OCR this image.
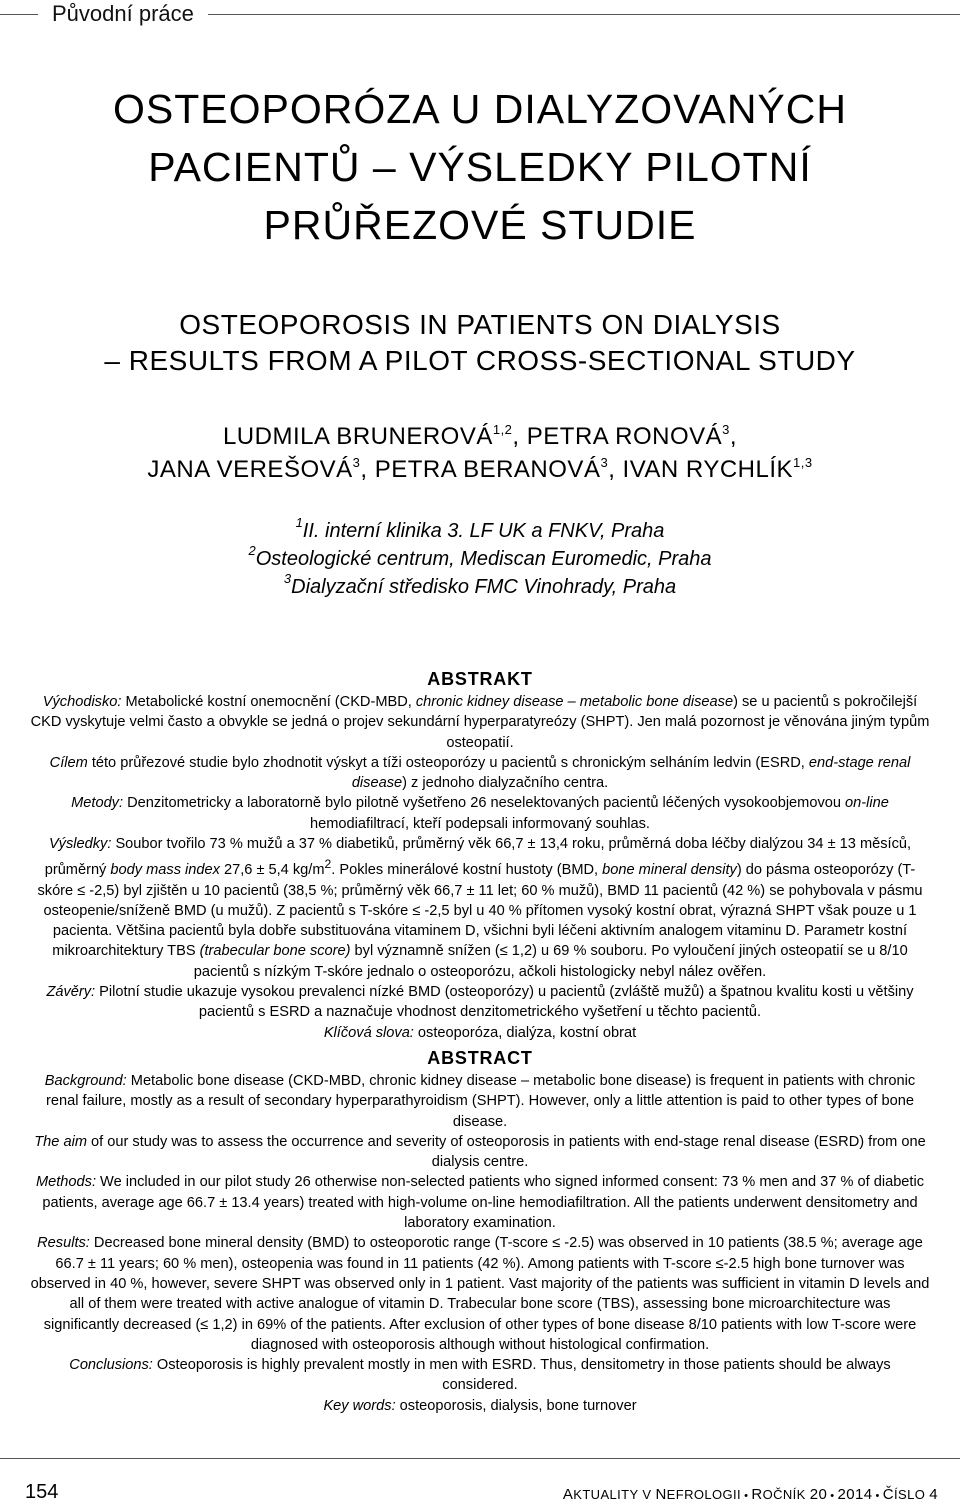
Původní práce
OSTEOPORÓZA U DIALYZOVANÝCH
PACIENTŮ – VÝSLEDKY PILOTNÍ
PRŮŘEZOVÉ STUDIE
OSTEOPOROSIS IN PATIENTS ON DIALYSIS
– RESULTS FROM A PILOT CROSS-SECTIONAL STUDY
LUDMILA BRUNEROVÁ$^{1,2}$, PETRA RONOVÁ$^3$,
JANA VEREŠOVÁ$^3$, PETRA BERANOVÁ$^3$, IVAN RYCHLÍK$^{1,3}$
$^1$II. interní klinika 3. LF UK a FNKV, Praha
$^2$Osteologické centrum, Mediscan Euromedic, Praha
$^3$Dialyzační středisko FMC Vinohrady, Praha
ABSTRAKT

Východisko: Metabolické kostní onemocnění (CKD-MBD, chronic kidney disease – metabolic bone disease) se u pacientů s pokročilejší CKD vyskytuje velmi často a obvykle se jedná o projev sekundární hyperparatyreózy (SHPT). Jen malá pozornost je věnována jiným typům osteopatií.

Cílem této průřezové studie bylo zhodnotit výskyt a tíži osteoporózy u pacientů s chronickým selháním ledvin (ESRD, end-stage renal disease) z jednoho dialyzačního centra.

Metody: Denzitometricky a laboratorně bylo pilotně vyšetřeno 26 neselektovaných pacientů léčených vysokoobjemovou on-line hemodiafiltrací, kteří podepsali informovaný souhlas.

Výsledky: Soubor tvořilo 73 % mužů a 37 % diabetiků, průměrný věk 66,7 ± 13,4 roku, průměrná doba léčby dialýzou 34 ± 13 měsíců, průměrný body mass index 27,6 ± 5,4 $kg/m^2$. Pokles minerálové kostní hustoty (BMD, bone mineral density) do pásma osteoporózy (T-skóre ≤ -2,5) byl zjištěn u 10 pacientů (38,5 %; průměrný věk 66,7 ± 11 let; 60 % mužů), BMD 11 pacientů (42 %) se pohybovala v pásmu osteopenie/sníženě BMD (u mužů). Z pacientů s T-skóre ≤ -2,5 byl u 40 % přítomen vysoký kostní obrat, výrazná SHPT však pouze u 1 pacienta. Většina pacientů byla dobře substituována vitaminem D, všichni byli léčeni aktivním analogem vitaminu D. Parametr kostní mikroarchitektury TBS (trabecular bone score) byl významně snížen (≤ 1,2) u 69 % souboru. Po vyloučení jiných osteopatií se u 8/10 pacientů s nízkým T-skóre jednalo o osteoporózu, ačkoli histologicky nebyl nález ověřen.

Závěry: Pilotní studie ukazuje vysokou prevalenci nízké BMD (osteoporózy) u pacientů (zvláště mužů) a špatnou kvalitu kosti u většiny pacientů s ESRD a naznačuje vhodnost denzitometrického vyšetření u těchto pacientů.

Klíčová slova: osteoporóza, dialýza, kostní obrat

ABSTRACT

Background: Metabolic bone disease (CKD-MBD, chronic kidney disease – metabolic bone disease) is frequent in patients with chronic renal failure, mostly as a result of secondary hyperparathyroidism (SHPT). However, only a little attention is paid to other types of bone disease.

The aim of our study was to assess the occurrence and severity of osteoporosis in patients with end-stage renal disease (ESRD) from one dialysis centre.

Methods: We included in our pilot study 26 otherwise non-selected patients who signed informed consent: 73 % men and 37 % of diabetic patients, average age 66.7 ± 13.4 years) treated with high-volume on-line hemodiafiltration. All the patients underwent densitometry and laboratory examination.

Results: Decreased bone mineral density (BMD) to osteoporotic range (T-score ≤ -2.5) was observed in 10 patients (38.5 %; average age 66.7 ± 11 years; 60 % men), osteopenia was found in 11 patients (42 %). Among patients with T-score ≤-2.5 high bone turnover was observed in 40 %, however, severe SHPT was observed only in 1 patient. Vast majority of the patients was sufficient in vitamin D levels and all of them were treated with active analogue of vitamin D. Trabecular bone score (TBS), assessing bone microarchitecture was significantly decreased (≤ 1,2) in 69% of the patients. After exclusion of other types of bone disease 8/10 patients with low T-score were diagnosed with osteoporosis although without histological confirmation.

Conclusions: Osteoporosis is highly prevalent mostly in men with ESRD. Thus, densitometry in those patients should be always considered.

Key words: osteoporosis, dialysis, bone turnover

154	AKTUALITY V NEFROLOGII • ROČNÍK 20 • 2014 • ČÍSLO 4
